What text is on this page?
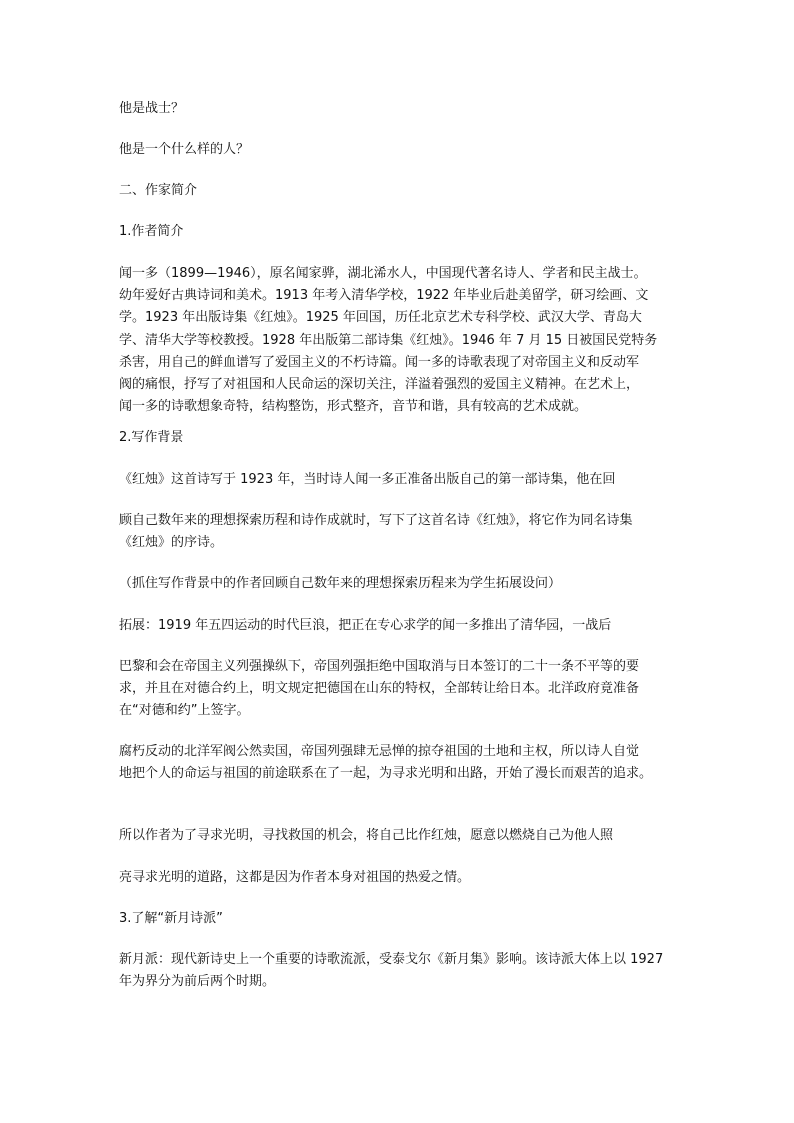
他是战士？
他是一个什么样的人？
二、作家简介
1.作者简介
闻一多（1899—1946），原名闻家骅，湖北浠水人，中国现代著名诗人、学者和民主战士。
幼年爱好古典诗词和美术。1913 年考入清华学校，1922 年毕业后赴美留学，研习绘画、文
学。1923 年出版诗集《红烛》。1925 年回国，历任北京艺术专科学校、武汉大学、青岛大
学、清华大学等校教授。1928 年出版第二部诗集《红烛》。1946 年 7 月 15 日被国民党特务
杀害，用自己的鲜血谱写了爱国主义的不朽诗篇。闻一多的诗歌表现了对帝国主义和反动军
阀的痛恨，抒写了对祖国和人民命运的深切关注，洋溢着强烈的爱国主义精神。在艺术上，
闻一多的诗歌想象奇特，结构整饬，形式整齐，音节和谐，具有较高的艺术成就。
2.写作背景
《红烛》这首诗写于 1923 年，当时诗人闻一多正准备出版自己的第一部诗集，他在回
顾自己数年来的理想探索历程和诗作成就时，写下了这首名诗《红烛》，将它作为同名诗集
《红烛》的序诗。
（抓住写作背景中的作者回顾自己数年来的理想探索历程来为学生拓展设问）
拓展：1919 年五四运动的时代巨浪，把正在专心求学的闻一多推出了清华园，一战后
巴黎和会在帝国主义列强操纵下，帝国列强拒绝中国取消与日本签订的二十一条不平等的要
求，并且在对德合约上，明文规定把德国在山东的特权，全部转让给日本。北洋政府竟准备
在“对德和约”上签字。
腐朽反动的北洋军阀公然卖国，帝国列强肆无忌惮的掠夺祖国的土地和主权，所以诗人自觉
地把个人的命运与祖国的前途联系在了一起，为寻求光明和出路，开始了漫长而艰苦的追求。
所以作者为了寻求光明，寻找救国的机会，将自己比作红烛，愿意以燃烧自己为他人照
亮寻求光明的道路，这都是因为作者本身对祖国的热爱之情。
3.了解“新月诗派”
新月派：现代新诗史上一个重要的诗歌流派，受泰戈尔《新月集》影响。该诗派大体上以 1927
年为界分为前后两个时期。
